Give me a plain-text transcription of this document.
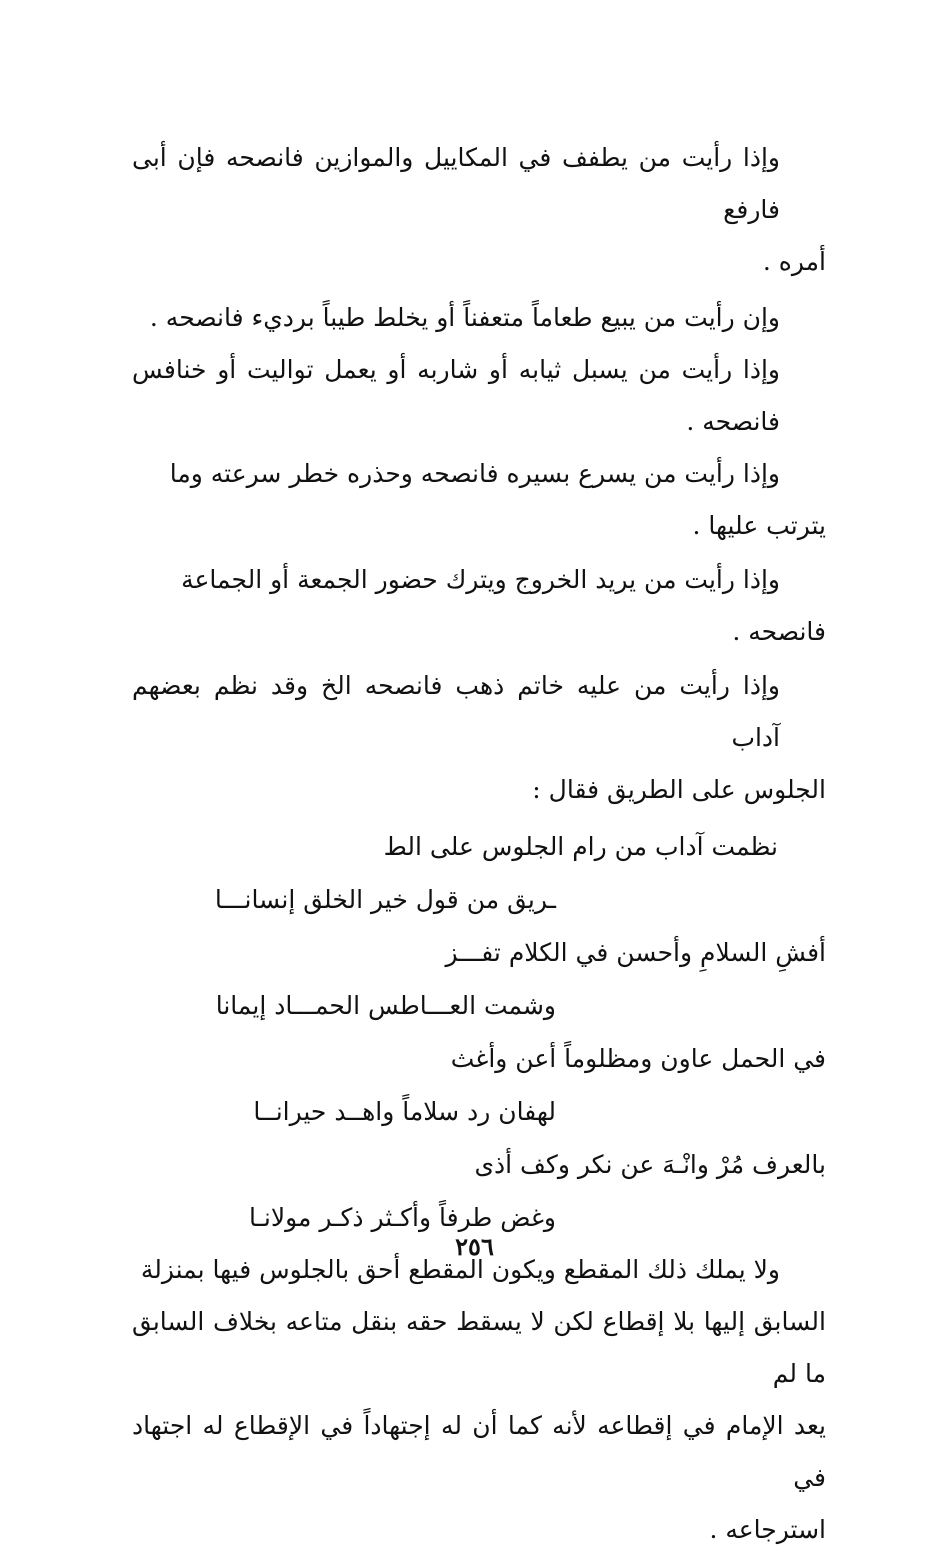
وإذا رأيت من يطفف في المكاييل والموازين فانصحه فإن أبى فارفع
أمره .
وإن رأيت من يبيع طعاماً متعفناً أو يخلط طيباً برديء فانصحه .
وإذا رأيت من يسبل ثيابه أو شاربه أو يعمل تواليت أو خنافس فانصحه .
وإذا رأيت من يسرع بسيره فانصحه وحذره خطر سرعته وما
يترتب عليها .
وإذا رأيت من يريد الخروج ويترك حضور الجمعة أو الجماعة
فانصحه .
وإذا رأيت من عليه خاتم ذهب فانصحه الخ وقد نظم بعضهم آداب
الجلوس على الطريق فقال :
نظمت آداب من رام الجلوس على الط
ـريق من قول خير الخلق إنسانـــا
أفشِ السلامِ وأحسن في الكلام تفـــز
وشمت العـــاطس الحمـــاد إيمانا
في الحمل عاون ومظلوماً أعن وأغث
لهفان رد سلاماً واهــد حيرانــا
بالعرف مُرْ وانْـهَ عن نكر وكف أذى
وغض طرفاً وأكـثر ذكـر مولانـا
ولا يملك ذلك المقطع ويكون المقطع أحق بالجلوس فيها بمنزلة
السابق إليها بلا إقطاع لكن لا يسقط حقه بنقل متاعه بخلاف السابق ما لم
يعد الإمام في إقطاعه لأنه كما أن له إجتهاداً في الإقطاع له اجتهاد في
استرجاعه .
٢٥٦
